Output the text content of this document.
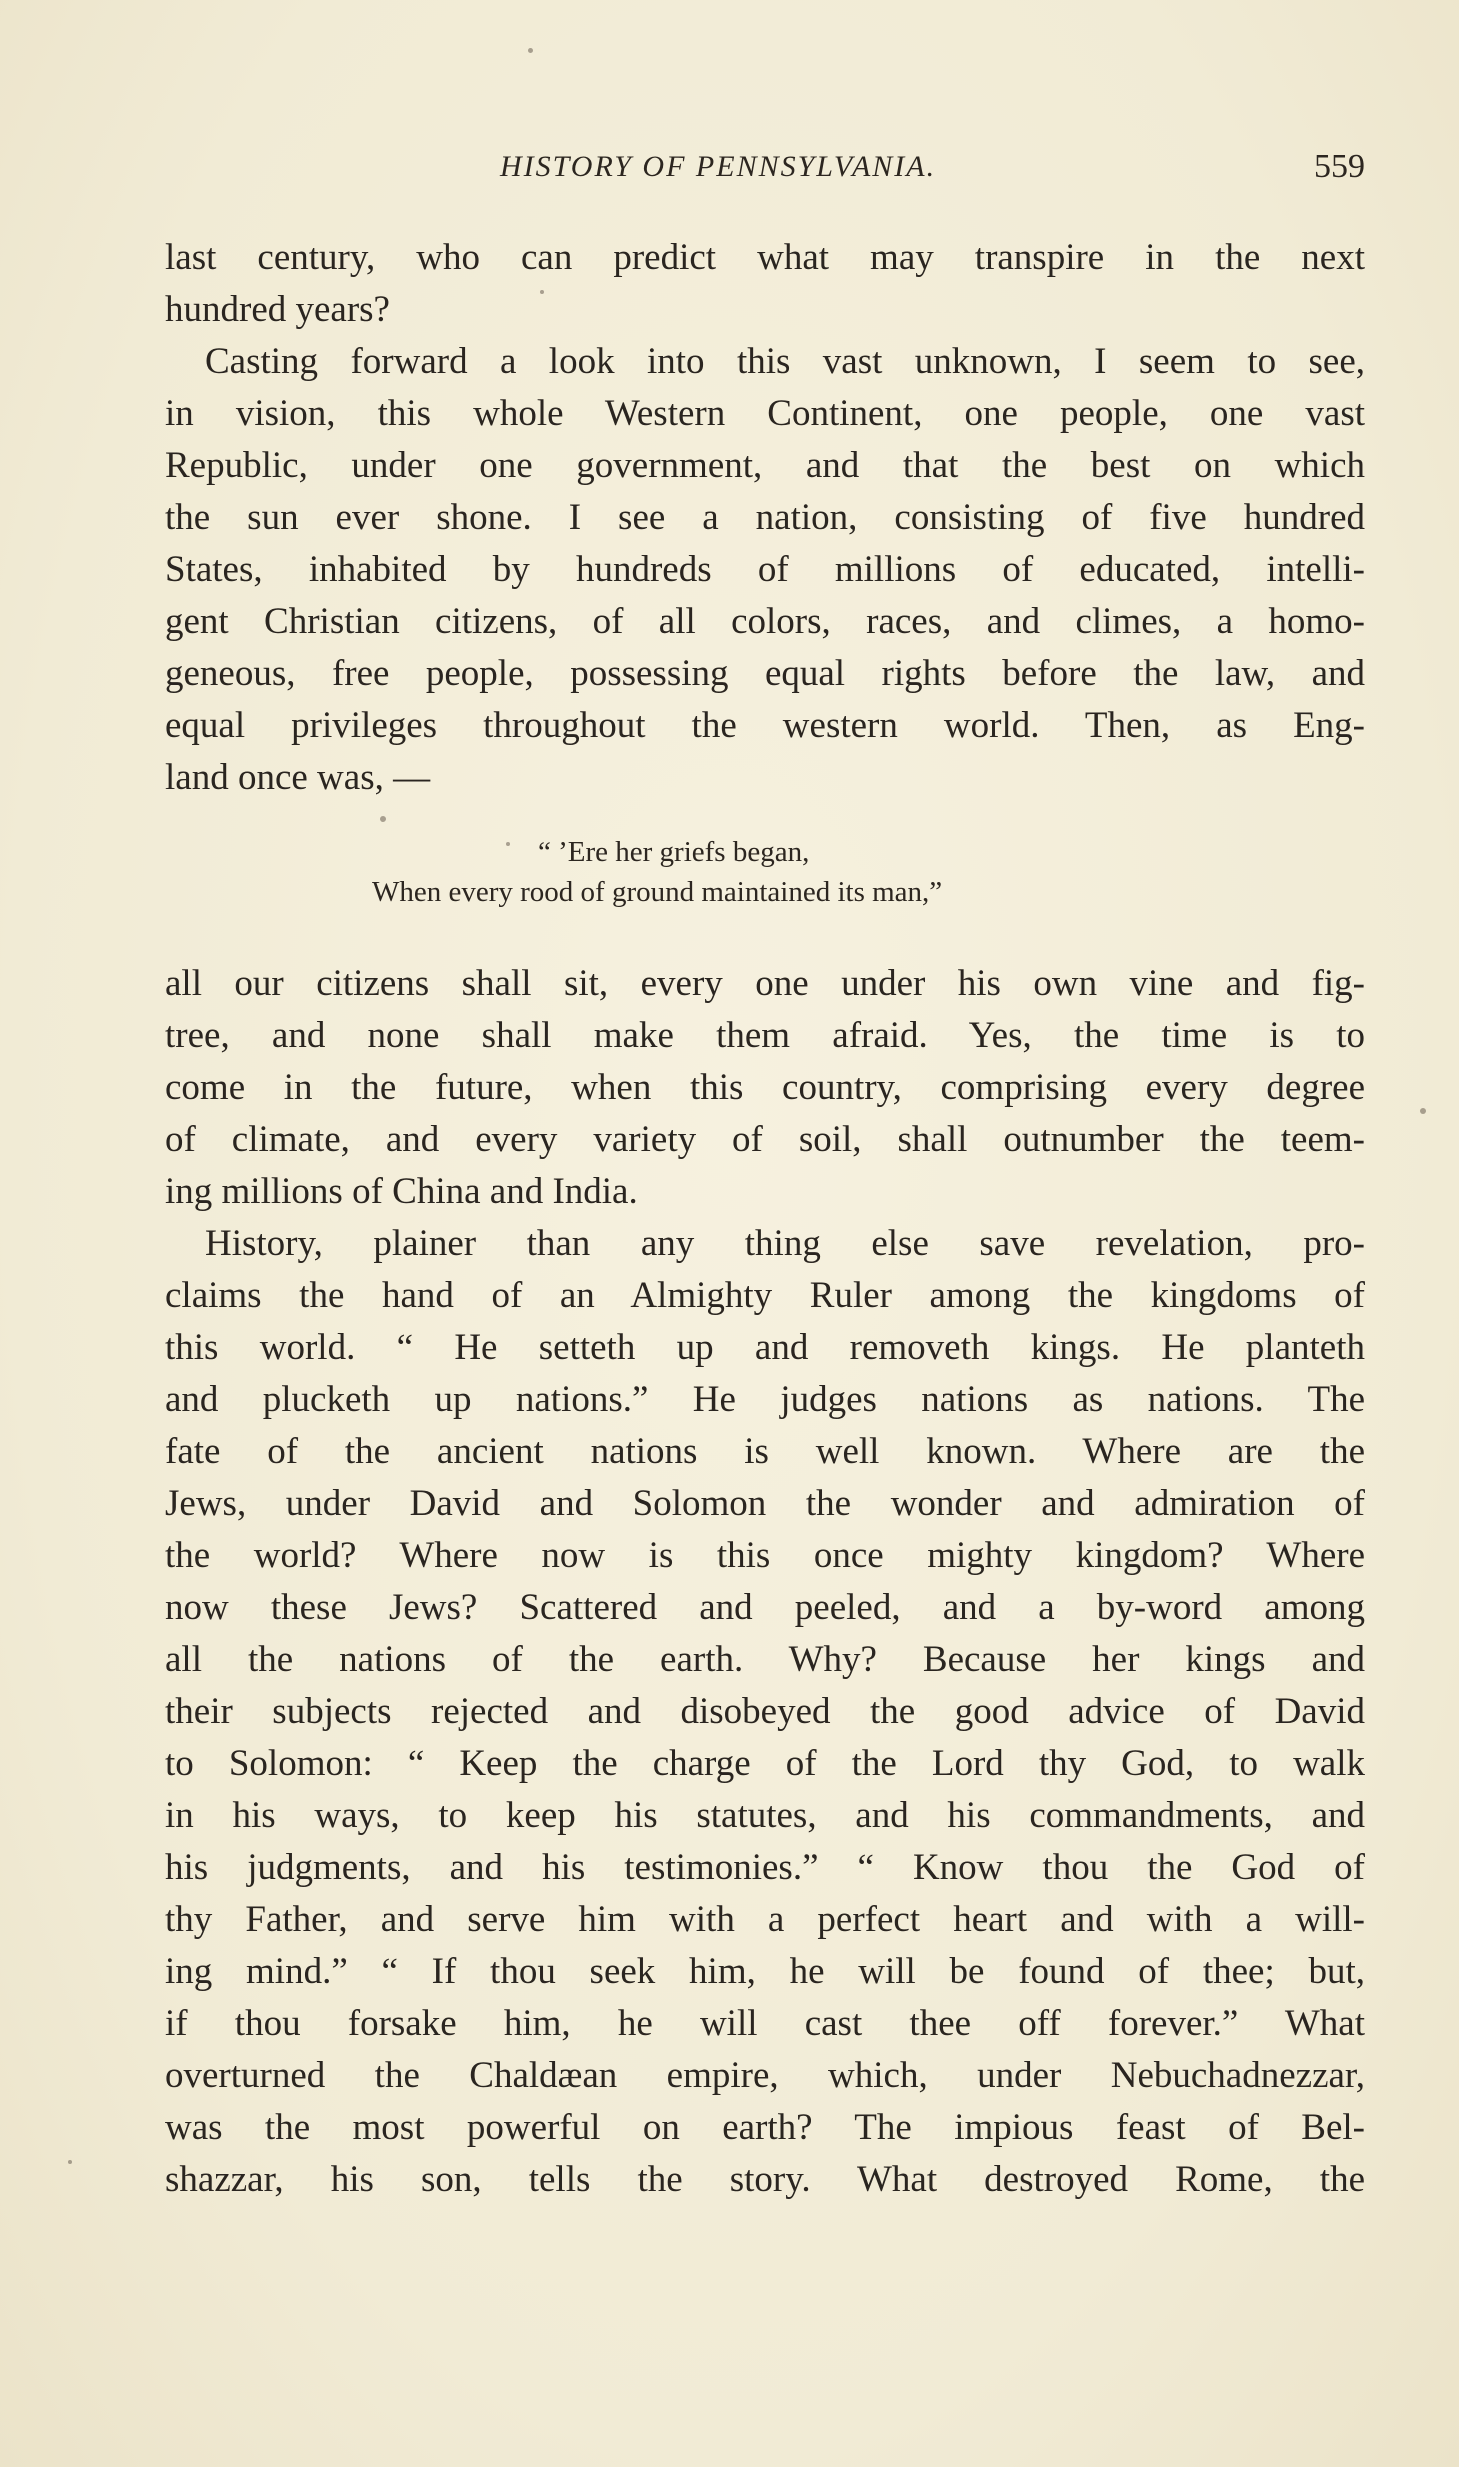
HISTORY OF PENNSYLVANIA.	559
last century, who can predict what may transpire in the next
hundred years?
Casting forward a look into this vast unknown, I seem to see,
in vision, this whole Western Continent, one people, one vast
Republic, under one government, and that the best on which
the sun ever shone. I see a nation, consisting of five hundred
States, inhabited by hundreds of millions of educated, intelli-
gent Christian citizens, of all colors, races, and climes, a homo-
geneous, free people, possessing equal rights before the law, and
equal privileges throughout the western world. Then, as Eng-
land once was, —
“ ’Ere her griefs began,
When every rood of ground maintained its man,”
all our citizens shall sit, every one under his own vine and fig-
tree, and none shall make them afraid. Yes, the time is to
come in the future, when this country, comprising every degree
of climate, and every variety of soil, shall outnumber the teem-
ing millions of China and India.
History, plainer than any thing else save revelation, pro-
claims the hand of an Almighty Ruler among the kingdoms of
this world. “ He setteth up and removeth kings. He planteth
and plucketh up nations.” He judges nations as nations. The
fate of the ancient nations is well known. Where are the
Jews, under David and Solomon the wonder and admiration of
the world? Where now is this once mighty kingdom? Where
now these Jews? Scattered and peeled, and a by-word among
all the nations of the earth. Why? Because her kings and
their subjects rejected and disobeyed the good advice of David
to Solomon: “ Keep the charge of the Lord thy God, to walk
in his ways, to keep his statutes, and his commandments, and
his judgments, and his testimonies.” “ Know thou the God of
thy Father, and serve him with a perfect heart and with a will-
ing mind.” “ If thou seek him, he will be found of thee; but,
if thou forsake him, he will cast thee off forever.” What
overturned the Chaldæan empire, which, under Nebuchadnezzar,
was the most powerful on earth? The impious feast of Bel-
shazzar, his son, tells the story. What destroyed Rome, the
